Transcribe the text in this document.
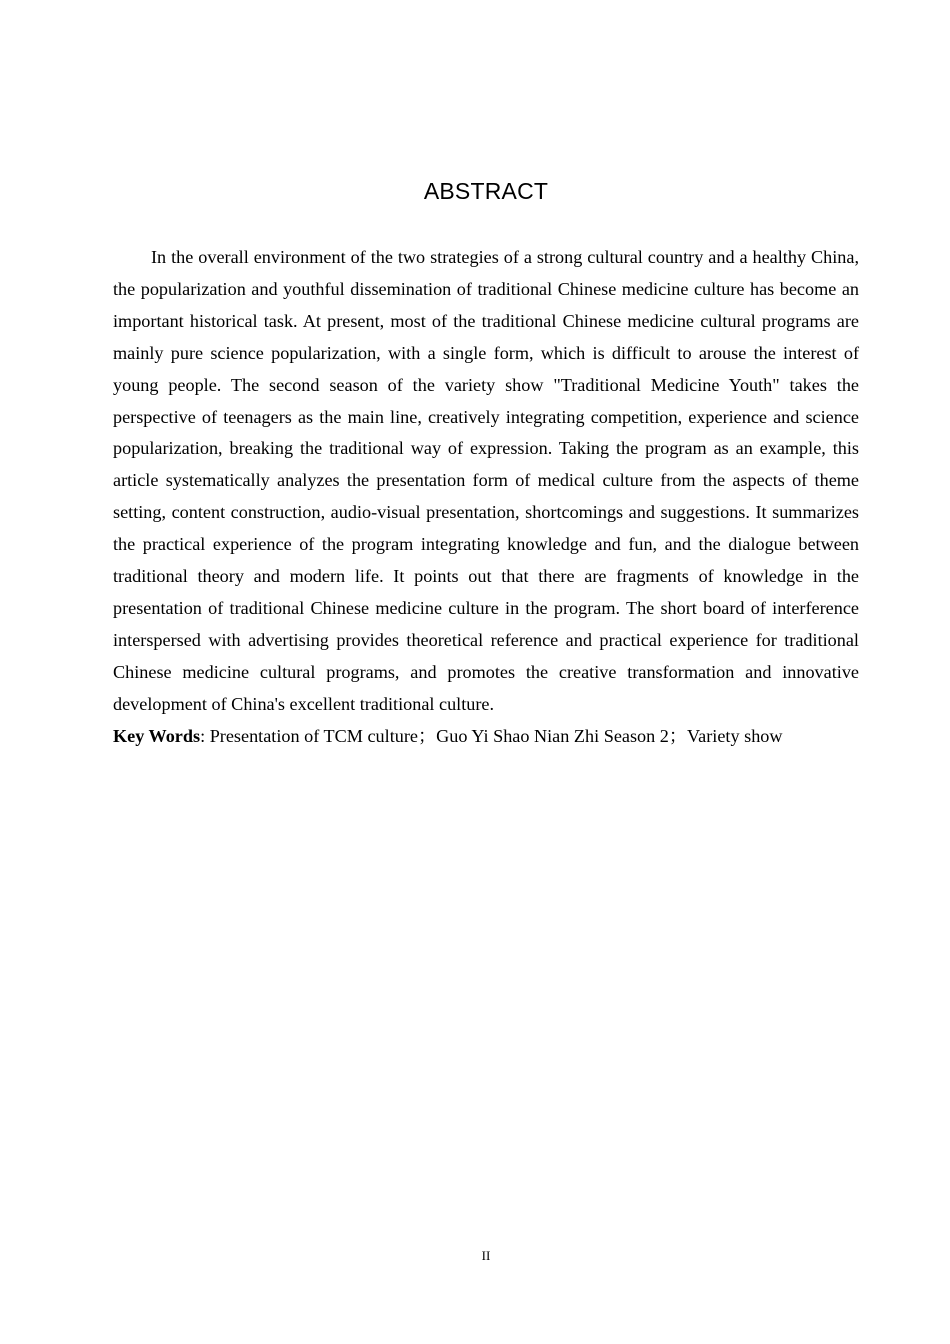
ABSTRACT

In the overall environment of the two strategies of a strong cultural country and a healthy China, the popularization and youthful dissemination of traditional Chinese medicine culture has become an important historical task. At present, most of the traditional Chinese medicine cultural programs are mainly pure science popularization, with a single form, which is difficult to arouse the interest of young people. The second season of the variety show "Traditional Medicine Youth" takes the perspective of teenagers as the main line, creatively integrating competition, experience and science popularization, breaking the traditional way of expression. Taking the program as an example, this article systematically analyzes the presentation form of medical culture from the aspects of theme setting, content construction, audio-visual presentation, shortcomings and suggestions. It summarizes the practical experience of the program integrating knowledge and fun, and the dialogue between traditional theory and modern life. It points out that there are fragments of knowledge in the presentation of traditional Chinese medicine culture in the program. The short board of interference interspersed with advertising provides theoretical reference and practical experience for traditional Chinese medicine cultural programs, and promotes the creative transformation and innovative development of China's excellent traditional culture.

Key Words: Presentation of TCM culture；Guo Yi Shao Nian Zhi Season 2；Variety show

II
